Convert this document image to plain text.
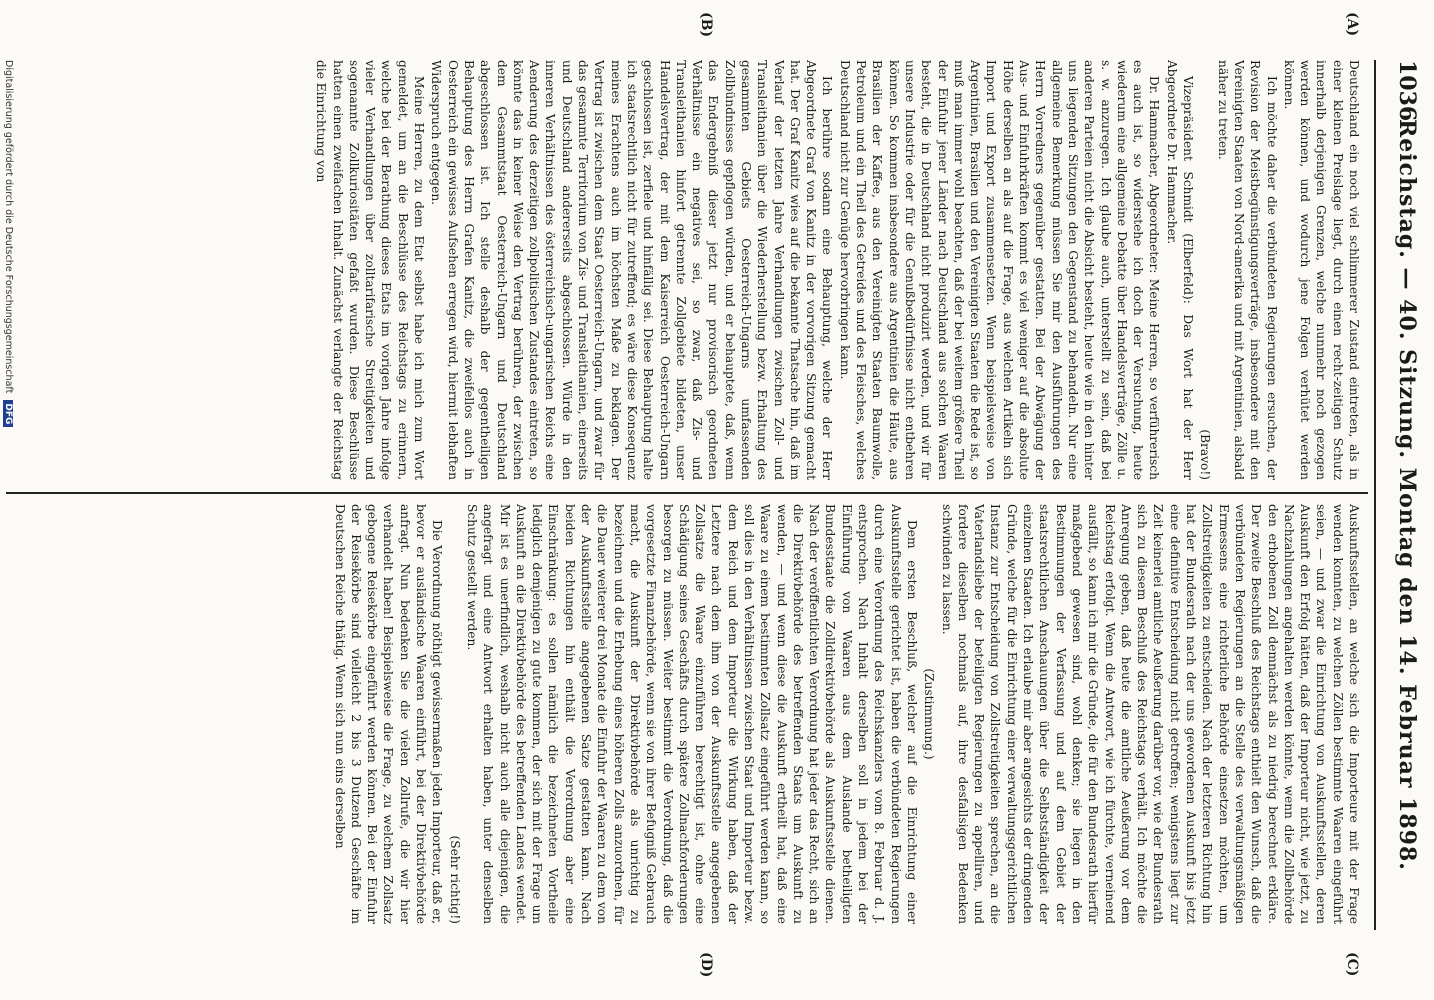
1036
Reichstag. — 40. Sitzung. Montag den 14. Februar 1898.
(A)
(B)
(C)
(D)

Deutschland ein noch viel schlimmerer Zustand eintreten, als in einer kleinen Preislage liegt, durch einen recht-zeitigen Schutz innerhalb derjenigen Grenzen, welche nunmehr noch gezogen werden können, und wodurch jene Folgen verhütet werden können.

Ich möchte daher die verbündeten Regierungen ersuchen, der Revision der Meistbegünstigungsverträge, insbesondere mit den Vereinigten Staaten von Nord-amerika und mit Argentinien, alsbald näher zu treten.

(Bravo!)

Vizepräsident Schmidt (Elberfeld): Das Wort hat der Herr Abgeordnete Dr. Hammacher.

Dr. Hammacher, Abgeordneter: Meine Herren, so verführerisch es auch ist, so widerstehe ich doch der Versuchung, heute wiederum eine allgemeine Debatte über Handelsverträge, Zölle u. s. w. anzuregen. Ich glaube auch, unterstellt zu sein, daß bei anderen Parteien nicht die Absicht besteht, heute wie in den hinter uns liegenden Sitzungen den Gegenstand zu behandeln. Nur eine allgemeine Bemerkung müssen Sie mir den Ausführungen des Herrn Vorredners gegenüber gestatten. Bei der Abwägung der Aus- und Einfuhrkräften kommt es viel weniger auf die absolute Höhe derselben an als auf die Frage, aus welchen Artikeln sich Import und Export zusammensetzen. Wenn beispielsweise von Argentinien, Brasilien und den Vereinigten Staaten die Rede ist, so muß man immer wohl beachten, daß der bei weitem größere Theil der Einfuhr jener Länder nach Deutschland aus solchen Waaren besteht, die in Deutschland nicht produzirt werden, und wir für unsere Industrie oder für die Genußbedürfnisse nicht entbehren können. So kommen insbesondere aus Argentinien die Häute, aus Brasilien der Kaffee, aus den Vereinigten Staaten Baumwolle, Petroleum und ein Theil des Getreides und des Fleisches, welches Deutschland nicht zur Genüge hervorbringen kann.

Ich berühre sodann eine Behauptung, welche der Herr Abgeordnete Graf von Kanitz in der vorvorigen Sitzung gemacht hat. Der Graf Kanitz wies auf die bekannte Thatsache hin, daß im Verlauf der letzten Jahre Verhandlungen zwischen Zoll- und Transleithanien über die Wiederherstellung bezw. Erhaltung des gesammten Gebiets Oesterreich-Ungarns umfassenden Zollbündnisses gepflogen würden, und er behauptete, daß, wenn das Endergebniß dieser jetzt nur provisorisch geordneten Verhältnisse ein negatives sei, so zwar, daß Zis- und Transleithanien hinfort getrennte Zollgebiete bildeten, unser Handelsvertrag, der mit dem Kaiserreich Oesterreich-Ungarn geschlossen ist, zerfiele und hinfällig sei. Diese Behauptung halte ich staatsrechtlich nicht für zutreffend; es wäre diese Konsequenz meines Erachtens auch im höchsten Maße zu beklagen. Der Vertrag ist zwischen dem Staat Oesterreich-Ungarn, und zwar für das gesammte Territorium von Zis- und Transleithanien, einerseits und Deutschland andererseits abgeschlossen. Würde in den inneren Verhältnissen des österreichisch-ungarischen Reichs eine Aenderung des derzeitigen zollpolitischen Zustandes eintreten, so könnte das in keiner Weise den Vertrag berühren, der zwischen dem Gesammtstaat Oesterreich-Ungarn und Deutschland abgeschlossen ist. Ich stelle deshalb der gegentheiligen Behauptung des Herrn Grafen Kanitz, die zweifellos auch in Oesterreich ein gewisses Aufsehen erregen wird, hiermit lebhaften Widerspruch entgegen.

Meine Herren, zu dem Etat selbst habe ich mich zum Wort gemeldet, um an die Beschlüsse des Reichstags zu erinnern, welche bei der Berathung dieses Etats im vorigen Jahre infolge vieler Verhandlungen über zolltarifarische Streitigkeiten und sogenannte Zollkuriositäten gefaßt wurden. Diese Beschlüsse hatten einen zweifachen Inhalt. Zunächst verlangte der Reichstag die Einrichtung von

Auskunftsstellen, an welche sich die Importeure mit der Frage wenden konnten, zu welchen Zöllen bestimmte Waaren eingeführt seien, — und zwar die Einrichtung von Auskunftsstellen, deren Auskunft den Erfolg hätten, daß der Importeur nicht, wie jetzt, zu Nachzahlungen angehalten werden könnte, wenn die Zollbehörde den erhobenen Zoll demnächst als zu niedrig berechnet erkläre. Der zweite Beschluß des Reichstags enthielt den Wunsch, daß die verbündeten Regierungen an die Stelle des verwaltungsmäßigen Ermessens eine richterliche Behörde einsetzen möchten, um Zollstreitigkeiten zu entscheiden. Nach der letzteren Richtung hin hat der Bundesrath nach der uns gewordenen Auskunft bis jetzt eine definitive Entscheidung nicht getroffen; wenigstens liegt zur Zeit keinerlei amtliche Aeußerung darüber vor, wie der Bundesrath sich zu diesem Beschluß des Reichstags verhält. Ich möchte die Anregung geben, daß heute die amtliche Aeußerung vor dem Reichstag erfolgt. Wenn die Antwort, wie ich fürchte, verneinend ausfällt, so kann ich mir die Gründe, die für den Bundesrath hierfür maßgebend gewesen sind, wohl denken; sie liegen in den Bestimmungen der Verfassung und auf dem Gebiet der staatsrechtlichen Anschauungen über die Selbstständigkeit der einzelnen Staaten. Ich erlaube mir aber angesichts der dringenden Gründe, welche für die Einrichtung einer verwaltungsgerichtlichen Instanz zur Entscheidung von Zollstreitigkeiten sprechen, an die Vaterlandsliebe der beteiligten Regierungen zu appelliren, und fordere dieselben nochmals auf, ihre desfallsigen Bedenken schwinden zu lassen.

(Zustimmung.)

Dem ersten Beschluß, welcher auf die Einrichtung einer Auskunftsstelle gerichtet ist, haben die verbündeten Regierungen durch eine Verordnung des Reichskanzlers vom 8. Februar d. J. entsprochen. Nach Inhalt derselben soll in jedem bei der Einführung von Waaren aus dem Auslande betheiligten Bundesstaate die Zolldirektivbehörde als Auskunftsstelle dienen. Nach der veröffentlichten Verordnung hat jeder das Recht, sich an die Direktivbehörde des betreffenden Staats um Auskunft zu wenden, — und wenn diese die Auskunft ertheilt hat, daß eine Waare zu einem bestimmten Zollsatz eingeführt werden kann, so soll dies in den Verhältnissen zwischen Staat und Importeur bezw. dem Reich und dem Importeur die Wirkung haben, daß der Letztere nach dem ihm von der Auskunftsstelle angegebenen Zollsatze die Waare einzuführen berechtigt ist, ohne eine Schädigung seines Geschäfts durch spätere Zollnachforderungen besorgen zu müssen. Weiter bestimmt die Verordnung, daß die vorgesetzte Finanzbehörde, wenn sie von ihrer Befugniß Gebrauch macht, die Auskunft der Direktivbehörde als unrichtig zu bezeichnen und die Erhebung eines höheren Zolls anzuordnen, für die Dauer weiterer drei Monate die Einfuhr der Waaren zu dem von der Auskunftsstelle angegebenen Satze gestatten kann. Nach beiden Richtungen hin enthält die Verordnung aber eine Einschränkung: es sollen nämlich die bezeichneten Vortheile lediglich demjenigen zu gute kommen, der sich mit der Frage um Auskunft an die Direktivbehörde des betreffenden Landes wendet. Mir ist es unerfindlich, weshalb nicht auch alle diejenigen, die angefragt und eine Antwort erhalten haben, unter denselben Schutz gestellt werden.

(Sehr richtig!)

Die Verordnung nöthigt gewissermaßen jeden Importeur, daß er, bevor er ausländische Waaren einführt, bei der Direktivbehörde anfragt. Nun bedenken Sie die vielen Zollrufe, die wir hier verhandelt haben! Beispielsweise die Frage, zu welchem Zollsatz gebogene Reisekörbe eingeführt werden können. Bei der Einfuhr der Reisekörbe sind vielleicht 2 bis 3 Dutzend Geschäfte im Deutschen Reiche thätig. Wenn sich nun eins derselben

Digitalisierung gefördert durch die Deutsche Forschungsgemeinschaft DFG
